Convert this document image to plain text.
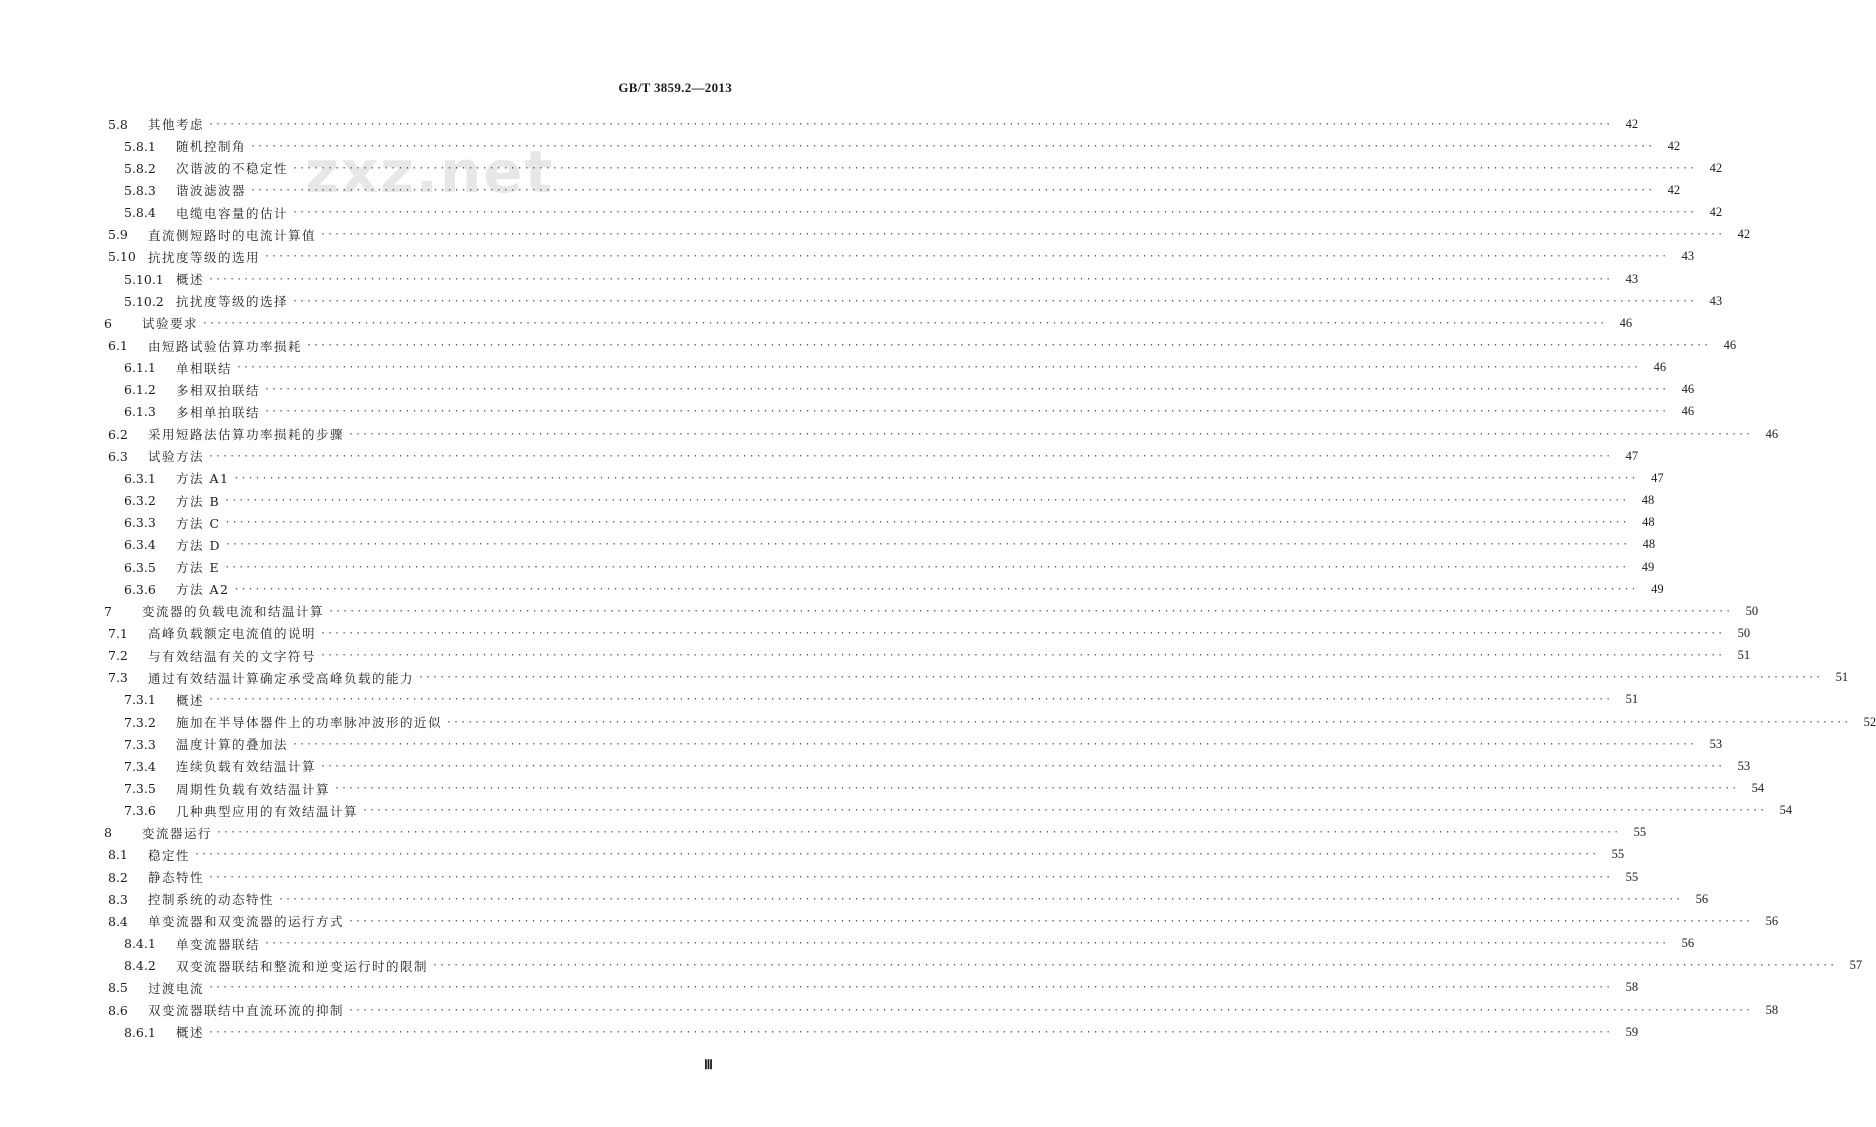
GB/T 3859.2—2013
zxz.net
5.8	其他考虑 ········································································································································································································	42
5.8.1	随机控制角 ········································································································································································································	42
5.8.2	次谐波的不稳定性 ········································································································································································································	42
5.8.3	谐波滤波器 ········································································································································································································	42
5.8.4	电缆电容量的估计 ········································································································································································································	42
5.9	直流侧短路时的电流计算值 ········································································································································································································	42
5.10 抗扰度等级的选用 ········································································································································································································	43
5.10.1 概述 ········································································································································································································	43
5.10.2 抗扰度等级的选择 ········································································································································································································	43
6	试验要求 ········································································································································································································	46
6.1	由短路试验估算功率损耗 ········································································································································································································	46
6.1.1	单相联结 ········································································································································································································	46
6.1.2	多相双拍联结 ········································································································································································································	46
6.1.3	多相单拍联结 ········································································································································································································	46
6.2	采用短路法估算功率损耗的步骤 ········································································································································································································	46
6.3	试验方法 ········································································································································································································	47
6.3.1	方法 A1 ········································································································································································································	47
6.3.2	方法 B ········································································································································································································	48
6.3.3	方法 C ········································································································································································································	48
6.3.4	方法 D ········································································································································································································	48
6.3.5	方法 E ········································································································································································································	49
6.3.6	方法 A2 ········································································································································································································	49
7	变流器的负载电流和结温计算 ········································································································································································································	50
7.1	高峰负载额定电流值的说明 ········································································································································································································	50
7.2	与有效结温有关的文字符号 ········································································································································································································	51
7.3	通过有效结温计算确定承受高峰负载的能力 ········································································································································································································	51
7.3.1	概述 ········································································································································································································	51
7.3.2	施加在半导体器件上的功率脉冲波形的近似 ········································································································································································································	52
7.3.3	温度计算的叠加法 ········································································································································································································	53
7.3.4	连续负载有效结温计算 ········································································································································································································	53
7.3.5	周期性负载有效结温计算 ········································································································································································································	54
7.3.6	几种典型应用的有效结温计算 ········································································································································································································	54
8	变流器运行 ········································································································································································································	55
8.1	稳定性 ········································································································································································································	55
8.2	静态特性 ········································································································································································································	55
8.3	控制系统的动态特性 ········································································································································································································	56
8.4	单变流器和双变流器的运行方式 ········································································································································································································	56
8.4.1	单变流器联结 ········································································································································································································	56
8.4.2	双变流器联结和整流和逆变运行时的限制 ········································································································································································································	57
8.5	过渡电流 ········································································································································································································	58
8.6	双变流器联结中直流环流的抑制 ········································································································································································································	58
8.6.1	概述 ········································································································································································································	59
Ⅲ
